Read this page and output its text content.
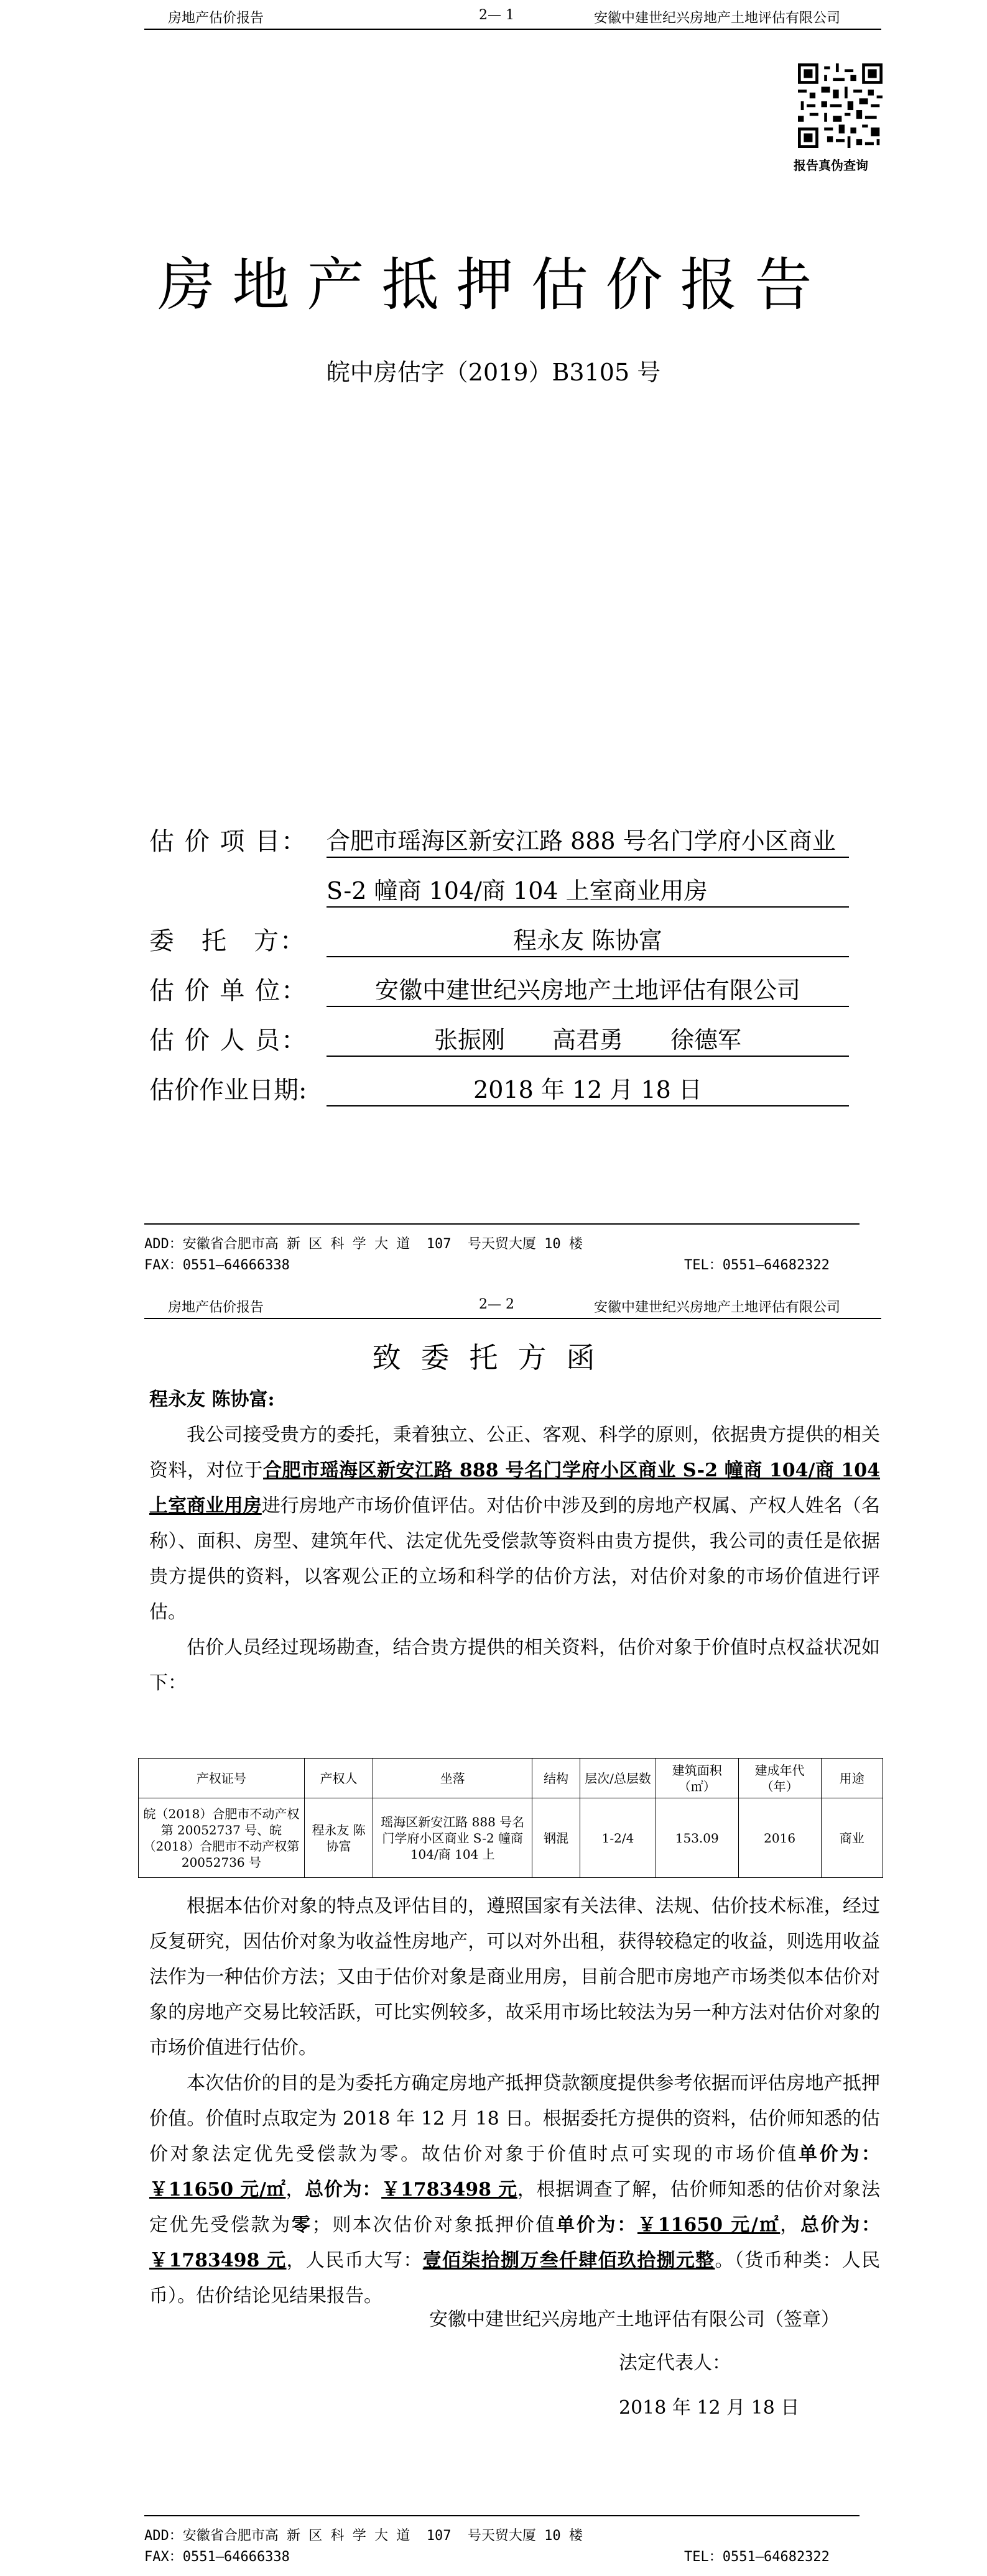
房地产估价报告	2— 1	安徽中建世纪兴房地产土地评估有限公司
报告真伪查询
房地产抵押估价报告
皖中房估字（2019）B3105 号
估 价 项 目： 合肥市瑶海区新安江路 888 号名门学府小区商业
S-2 幢商 104/商 104 上室商业用房
委　托　方：	程永友 陈协富
估 价 单 位：	安徽中建世纪兴房地产土地评估有限公司
估 价 人 员：	张振刚　　高君勇　　徐德军
估价作业日期:	2018 年 12 月 18 日
ADD：安徽省合肥市高 新 区 科 学 大 道  107  号天贸大厦 10 楼
FAX：0551—64666338	TEL：0551—64682322
房地产估价报告	2— 2	安徽中建世纪兴房地产土地评估有限公司
致委托方函
程永友 陈协富:

我公司接受贵方的委托，秉着独立、公正、客观、科学的原则，依据贵方提供的相关资料，对位于合肥市瑶海区新安江路 888 号名门学府小区商业 S-2 幢商 104/商 104 上室商业用房进行房地产市场价值评估。对估价中涉及到的房地产权属、产权人姓名（名称）、面积、房型、建筑年代、法定优先受偿款等资料由贵方提供，我公司的责任是依据贵方提供的资料，以客观公正的立场和科学的估价方法，对估价对象的市场价值进行评估。

估价人员经过现场勘查，结合贵方提供的相关资料，估价对象于价值时点权益状况如下：

产权证号	产权人	坐落	结构	层次/总层数	建筑面积（㎡）	建成年代（年）	用途
皖（2018）合肥市不动产权第 20052737 号、皖（2018）合肥市不动产权第 20052736 号	程永友 陈协富	瑶海区新安江路 888 号名门学府小区商业 S-2 幢商 104/商 104 上	钢混	1-2/4	153.09	2016	商业

根据本估价对象的特点及评估目的，遵照国家有关法律、法规、估价技术标准，经过反复研究，因估价对象为收益性房地产，可以对外出租，获得较稳定的收益，则选用收益法作为一种估价方法；又由于估价对象是商业用房，目前合肥市房地产市场类似本估价对象的房地产交易比较活跃，可比实例较多，故采用市场比较法为另一种方法对估价对象的市场价值进行估价。

本次估价的目的是为委托方确定房地产抵押贷款额度提供参考依据而评估房地产抵押价值。价值时点取定为 2018 年 12 月 18 日。根据委托方提供的资料，估价师知悉的估价对象法定优先受偿款为零。故估价对象于价值时点可实现的市场价值单价为：￥11650 元/㎡，总价为：￥1783498 元，根据调查了解，估价师知悉的估价对象法定优先受偿款为零；则本次估价对象抵押价值单价为：￥11650 元/㎡，总价为：￥1783498 元，人民币大写：壹佰柒拾捌万叁仟肆佰玖拾捌元整。（货币种类：人民币）。估价结论见结果报告。

安徽中建世纪兴房地产土地评估有限公司（签章）
法定代表人：
2018 年 12 月 18 日
ADD：安徽省合肥市高 新 区 科 学 大 道  107  号天贸大厦 10 楼
FAX：0551—64666338	TEL：0551—64682322
